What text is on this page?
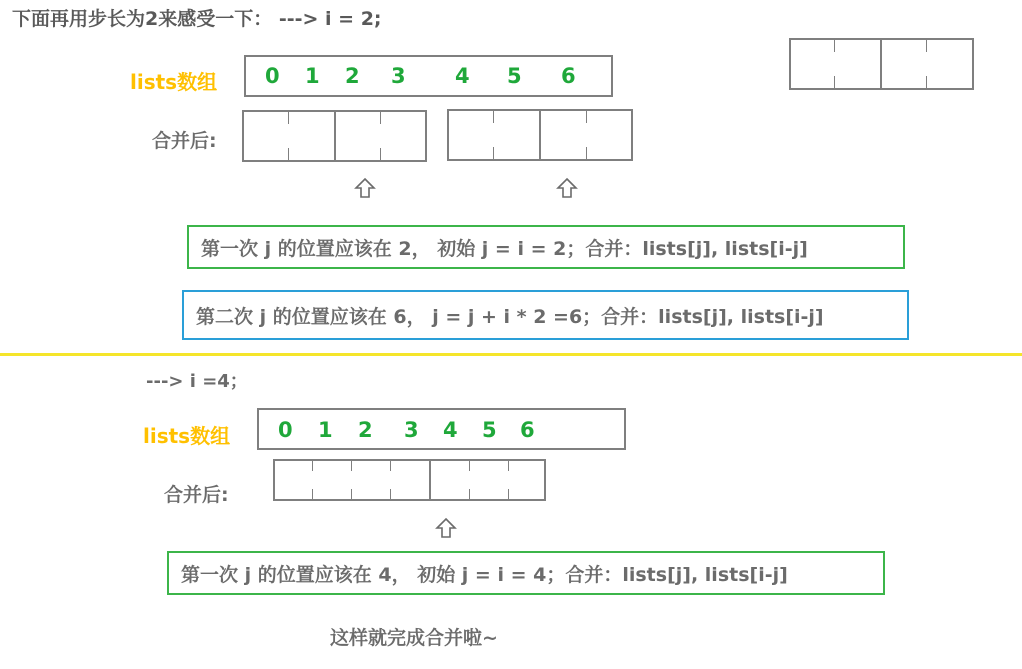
下面再用步长为2来感受一下： ---> i = 2;
lists数组 0 1 2 3 4 5 6
合并后:
第一次 j 的位置应该在 2， 初始 j = i = 2；合并：lists[j], lists[i-j]
第二次 j 的位置应该在 6， j = j + i * 2 =6；合并：lists[j], lists[i-j]
---> i =4；
lists数组 0 1 2 3 4 5 6
合并后:
第一次 j 的位置应该在 4， 初始 j = i = 4；合并：lists[j], lists[i-j]
这样就完成合并啦~
